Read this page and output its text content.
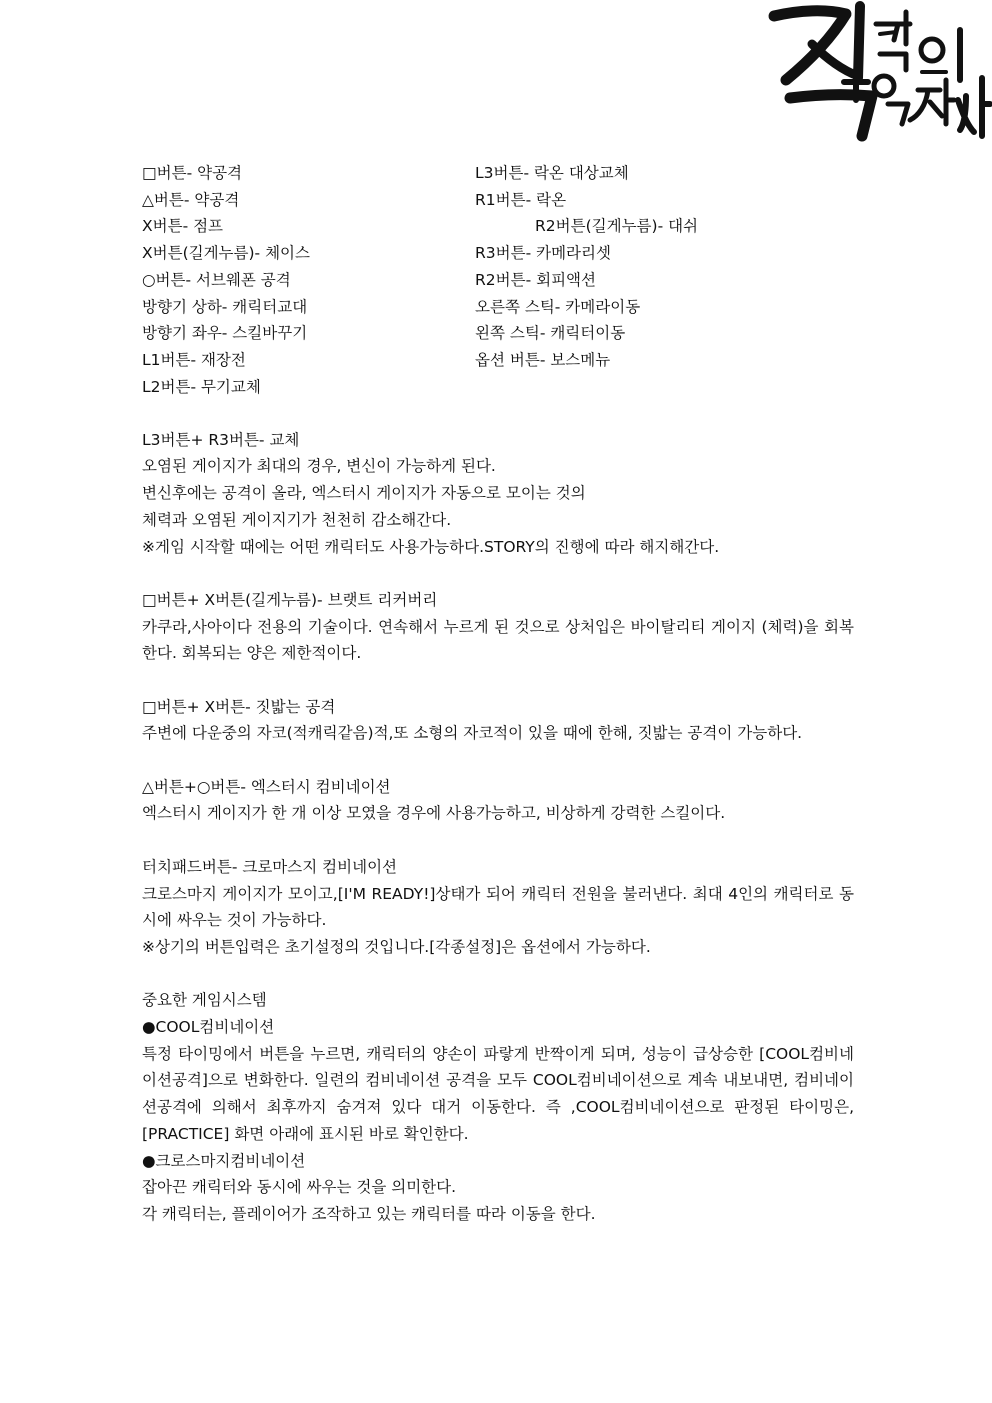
□버튼- 약공격
△버튼- 약공격
X버튼- 점프
X버튼(길게누름)- 체이스
○버튼- 서브웨폰 공격
방향기 상하- 캐릭터교대
방향기 좌우- 스킬바꾸기
L1버튼- 재장전
L2버튼- 무기교체
L3버튼- 락온 대상교체
R1버튼- 락온
R2버튼(길게누름)- 대쉬
R3버튼- 카메라리셋
R2버튼- 회피액션
오른쪽 스틱- 카메라이동
왼쪽 스틱- 캐릭터이동
옵션 버튼- 보스메뉴
L3버튼+ R3버튼- 교체
오염된 게이지가 최대의 경우, 변신이 가능하게 된다.
변신후에는 공격이 올라, 엑스터시 게이지가 자동으로 모이는 것의
체력과 오염된 게이지기가 천천히 감소해간다.
※게임 시작할 때에는 어떤 캐릭터도 사용가능하다.STORY의 진행에 따라 해지해간다.
□버튼+ X버튼(길게누름)- 브랫트 리커버리
카쿠라,사아이다 전용의 기술이다. 연속해서 누르게 된 것으로 상처입은 바이탈리티 게이지 (체력)을 회복한다. 회복되는 양은 제한적이다.
□버튼+ X버튼- 짓밟는 공격
주변에 다운중의 자코(적캐릭같음)적,또 소형의 자코적이 있을 때에 한해, 짓밟는 공격이 가능하다.
△버튼+○버튼- 엑스터시 컴비네이션
엑스터시 게이지가 한 개 이상 모였을 경우에 사용가능하고, 비상하게 강력한 스킬이다.
터치패드버튼- 크로마스지 컴비네이션
크로스마지 게이지가 모이고,[I'M READY!]상태가 되어 캐릭터 전원을 불러낸다. 최대 4인의 캐릭터로 동시에 싸우는 것이 가능하다.
※상기의 버튼입력은 초기설정의 것입니다.[각종설정]은 옵션에서 가능하다.
중요한 게임시스템
●COOL컴비네이션
특정 타이밍에서 버튼을 누르면, 캐릭터의 양손이 파랗게 반짝이게 되며, 성능이 급상승한 [COOL컴비네이션공격]으로 변화한다. 일련의 컴비네이션 공격을 모두 COOL컴비네이션으로 계속 내보내면, 컴비네이션공격에 의해서 최후까지 숨겨져 있다 대거 이동한다. 즉 ,COOL컴비네이션으로 판정된 타이밍은, [PRACTICE] 화면 아래에 표시된 바로 확인한다.
●크로스마지컴비네이션
잡아끈 캐릭터와 동시에 싸우는 것을 의미한다.
각 캐릭터는, 플레이어가 조작하고 있는 캐릭터를 따라 이동을 한다.
